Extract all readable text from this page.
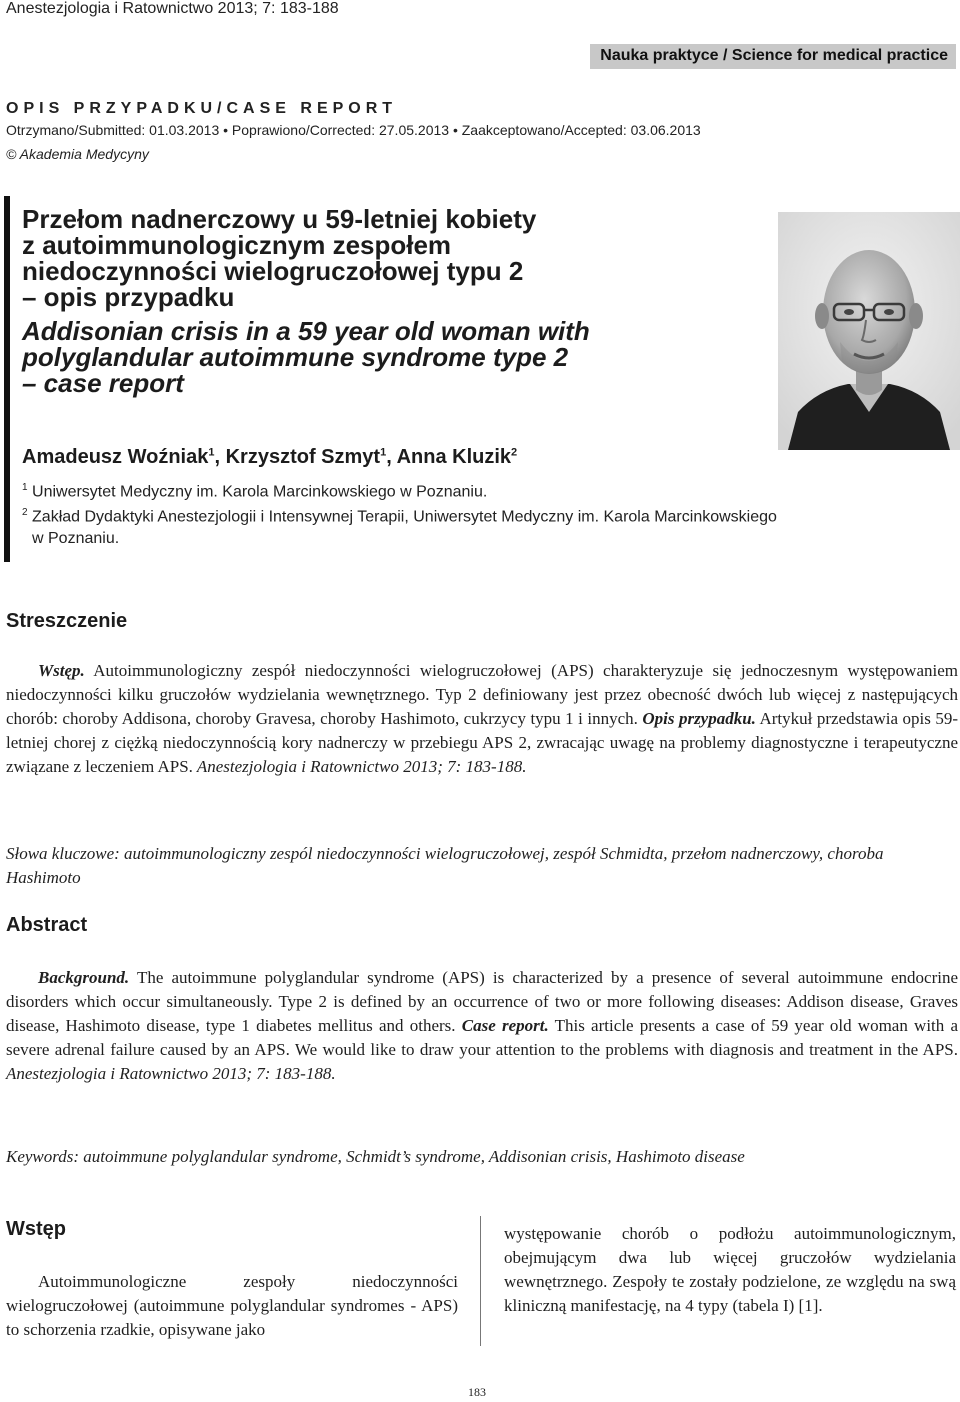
Anestezjologia i Ratownictwo 2013; 7: 183-188
Nauka praktyce / Science for medical practice
OPIS PRZYPADKU/CASE REPORT
Otrzymano/Submitted: 01.03.2013 • Poprawiono/Corrected: 27.05.2013 • Zaakceptowano/Accepted: 03.06.2013
© Akademia Medycyny
Przełom nadnerczowy u 59-letniej kobiety
z autoimmunologicznym zespołem
niedoczynności wielogruczołowej typu 2
– opis przypadku
Addisonian crisis in a 59 year old woman with
polyglandular autoimmune syndrome type 2
– case report
Amadeusz Woźniak$^1$, Krzysztof Szmyt$^1$, Anna Kluzik$^2$
$^1$ Uniwersytet Medyczny im. Karola Marcinkowskiego w Poznaniu.
$^2$ Zakład Dydaktyki Anestezjologii i Intensywnej Terapii, Uniwersytet Medyczny im. Karola Marcinkowskiego
w Poznaniu.
Streszczenie
Wstęp. Autoimmunologiczny zespół niedoczynności wielogruczołowej (APS) charakteryzuje się jednoczesnym występowaniem niedoczynności kilku gruczołów wydzielania wewnętrznego. Typ 2 definiowany jest przez obecność dwóch lub więcej z następujących chorób: choroby Addisona, choroby Gravesa, choroby Hashimoto, cukrzycy typu 1 i innych. Opis przypadku. Artykuł przedstawia opis 59-letniej chorej z ciężką niedoczynnością kory nadnerczy w przebiegu APS 2, zwracając uwagę na problemy diagnostyczne i terapeutyczne związane z leczeniem APS. Anestezjologia i Ratownictwo 2013; 7: 183-188.
Słowa kluczowe: autoimmunologiczny zespól niedoczynności wielogruczołowej, zespół Schmidta, przełom nadnerczowy, choroba Hashimoto
Abstract
Background. The autoimmune polyglandular syndrome (APS) is characterized by a presence of several autoimmune endocrine disorders which occur simultaneously. Type 2 is defined by an occurrence of two or more following diseases: Addison disease, Graves disease, Hashimoto disease, type 1 diabetes mellitus and others. Case report. This article presents a case of 59 year old woman with a severe adrenal failure caused by an APS. We would like to draw your attention to the problems with diagnosis and treatment in the APS. Anestezjologia i Ratownictwo 2013; 7: 183-188.
Keywords: autoimmune polyglandular syndrome, Schmidt’s syndrome, Addisonian crisis, Hashimoto disease
Wstęp
Autoimmunologiczne zespoły niedoczynności wielogruczołowej (autoimmune polyglandular syndromes - APS) to schorzenia rzadkie, opisywane jako
występowanie chorób o podłożu autoimmunologicznym, obejmującym dwa lub więcej gruczołów wydzielania wewnętrznego. Zespoły te zostały podzielone, ze względu na swą kliniczną manifestację, na 4 typy (tabela I) [1].
183
